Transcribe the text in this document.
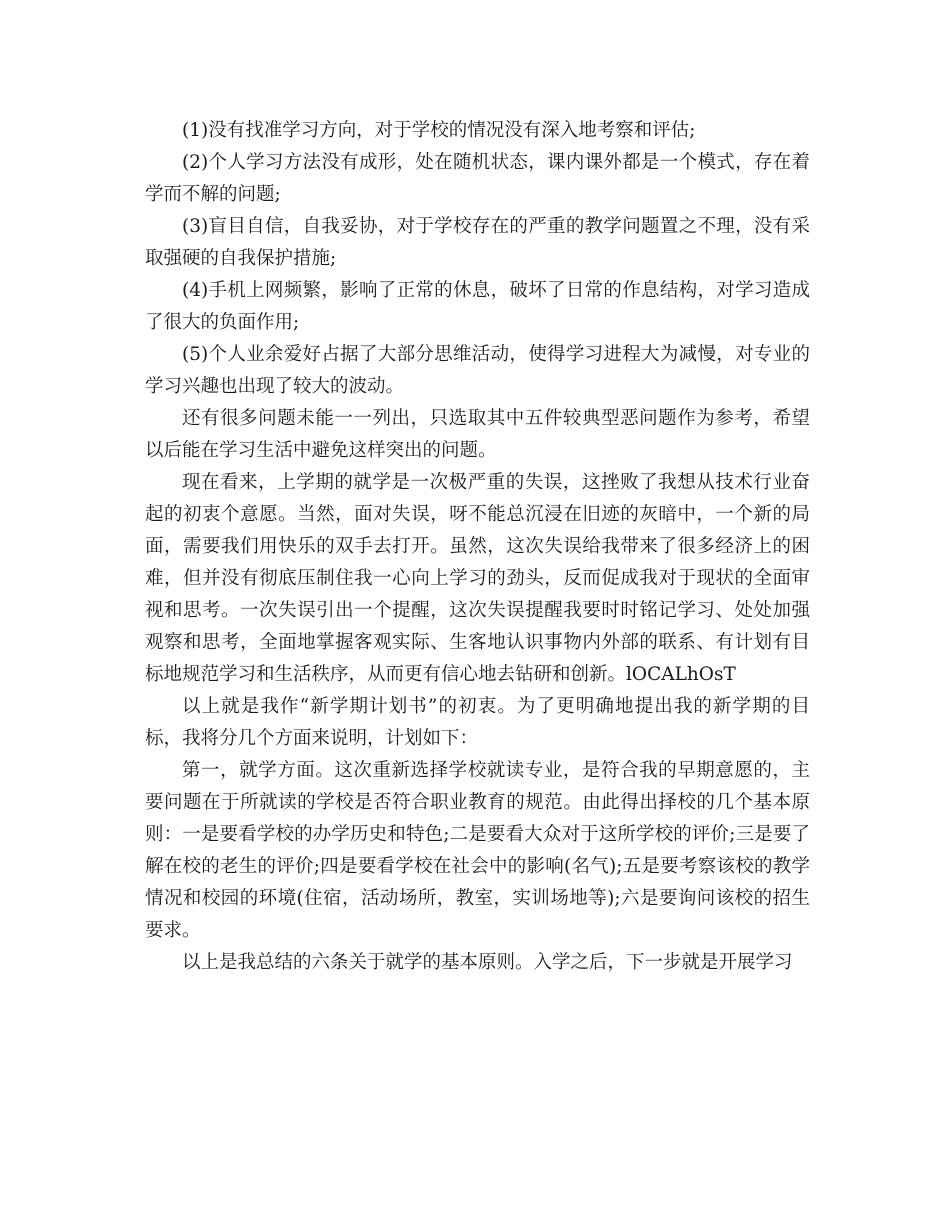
(1)没有找准学习方向，对于学校的情况没有深入地考察和评估;

(2)个人学习方法没有成形，处在随机状态，课内课外都是一个模式，存在着学而不解的问题;

(3)盲目自信，自我妥协，对于学校存在的严重的教学问题置之不理，没有采取强硬的自我保护措施;

(4)手机上网频繁，影响了正常的休息，破坏了日常的作息结构，对学习造成了很大的负面作用;

(5)个人业余爱好占据了大部分思维活动，使得学习进程大为减慢，对专业的学习兴趣也出现了较大的波动。

还有很多问题未能一一列出，只选取其中五件较典型恶问题作为参考，希望以后能在学习生活中避免这样突出的问题。

现在看来，上学期的就学是一次极严重的失误，这挫败了我想从技术行业奋起的初衷个意愿。当然，面对失误，呀不能总沉浸在旧迹的灰暗中，一个新的局面，需要我们用快乐的双手去打开。虽然，这次失误给我带来了很多经济上的困难，但并没有彻底压制住我一心向上学习的劲头，反而促成我对于现状的全面审视和思考。一次失误引出一个提醒，这次失误提醒我要时时铭记学习、处处加强观察和思考，全面地掌握客观实际、生客地认识事物内外部的联系、有计划有目标地规范学习和生活秩序，从而更有信心地去钻研和创新。lOCALhOsT

以上就是我作“新学期计划书”的初衷。为了更明确地提出我的新学期的目标，我将分几个方面来说明，计划如下：

第一，就学方面。这次重新选择学校就读专业，是符合我的早期意愿的，主要问题在于所就读的学校是否符合职业教育的规范。由此得出择校的几个基本原则：一是要看学校的办学历史和特色;二是要看大众对于这所学校的评价;三是要了解在校的老生的评价;四是要看学校在社会中的影响(名气);五是要考察该校的教学情况和校园的环境(住宿，活动场所，教室，实训场地等);六是要询问该校的招生要求。

以上是我总结的六条关于就学的基本原则。入学之后，下一步就是开展学习
